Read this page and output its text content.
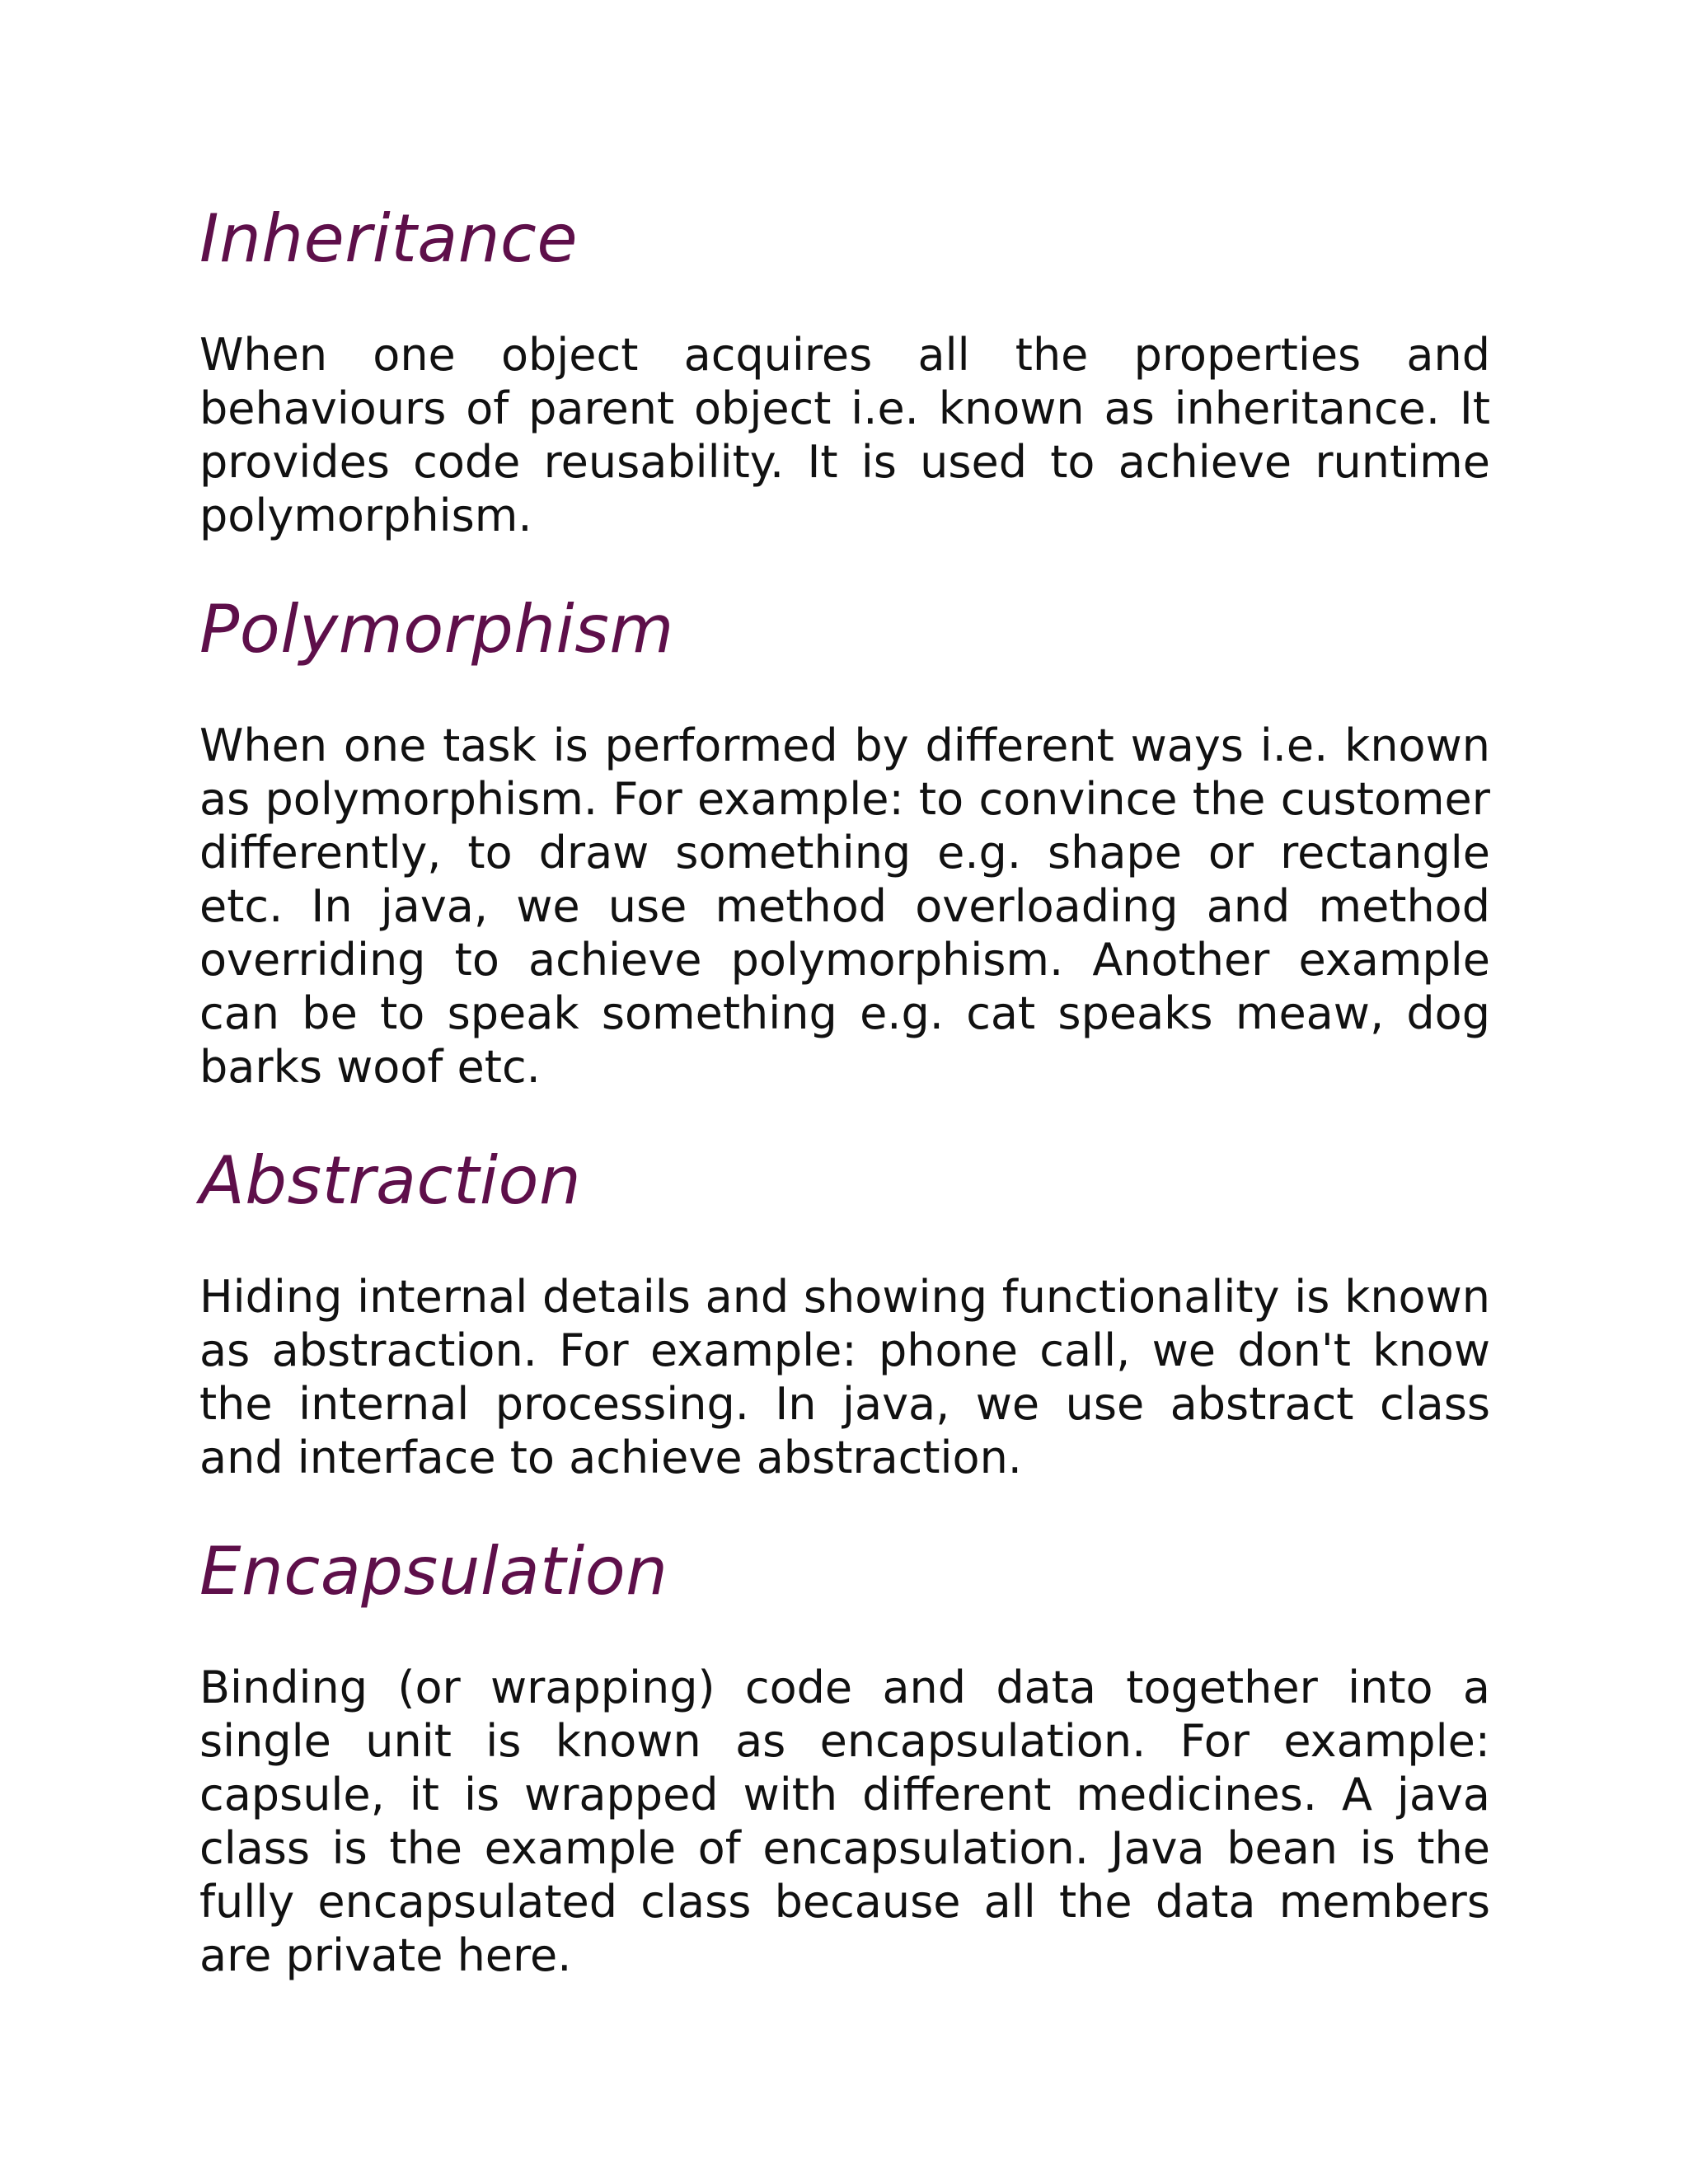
Inheritance

When one object acquires all the properties and behaviours of parent object i.e. known as inheritance. It provides code reusability. It is used to achieve runtime polymorphism.

Polymorphism

When one task is performed by different ways i.e. known as polymorphism. For example: to convince the customer differently, to draw something e.g. shape or rectangle etc. In java, we use method overloading and method overriding to achieve polymorphism. Another example can be to speak something e.g. cat speaks meaw, dog barks woof etc.

Abstraction

Hiding internal details and showing functionality is known as abstraction. For example: phone call, we don't know the internal processing. In java, we use abstract class and interface to achieve abstraction.

Encapsulation

Binding (or wrapping) code and data together into a single unit is known as encapsulation. For example: capsule, it is wrapped with different medicines. A java class is the example of encapsulation. Java bean is the fully encapsulated class because all the data members are private here.
